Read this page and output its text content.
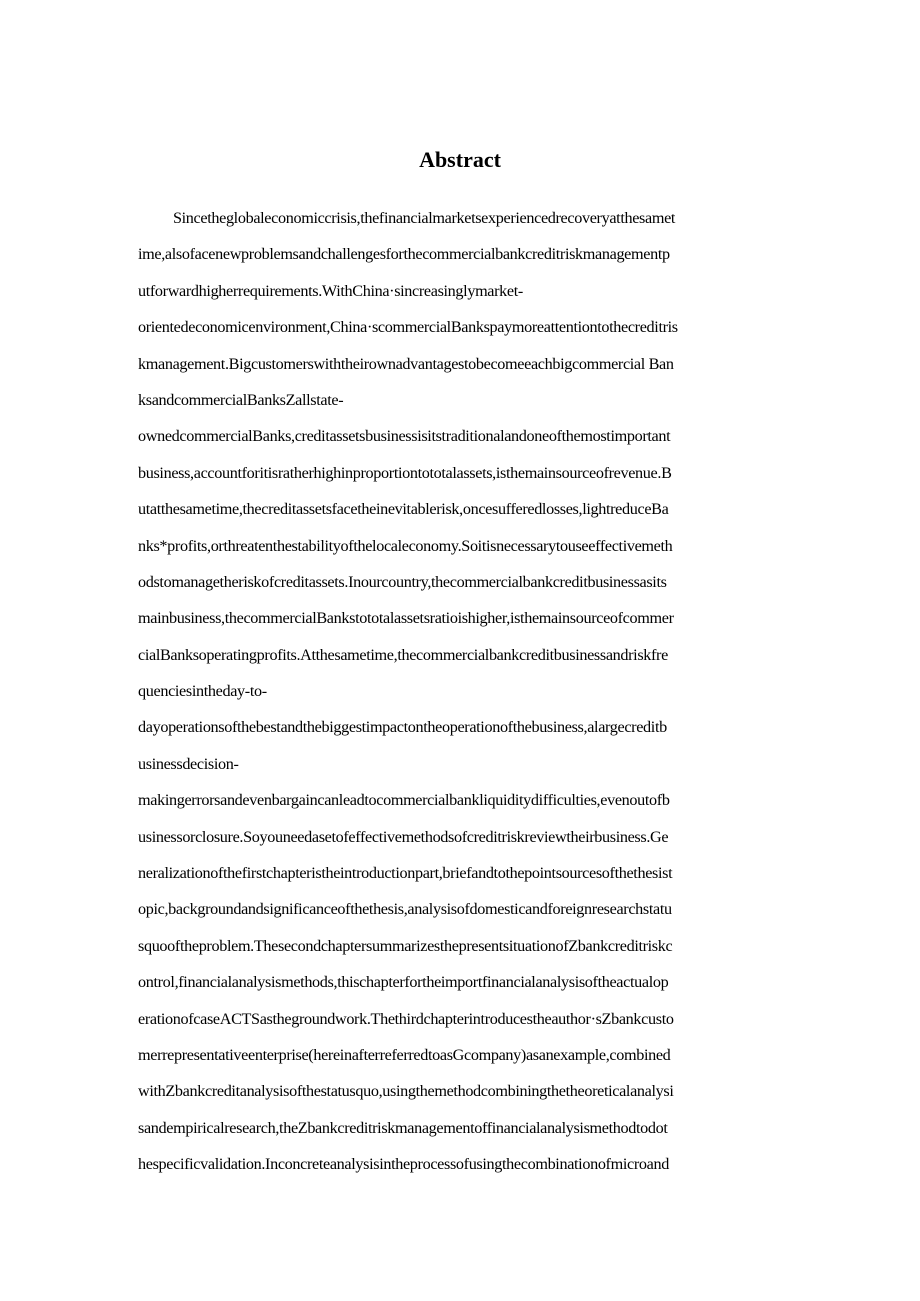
Abstract
Sincetheglobaleconomiccrisis,thefinancialmarketsexperiencedrecoveryatthesamet
ime,alsofacenewproblemsandchallengesforthecommercialbankcreditriskmanagementp
utforwardhigherrequirements.WithChina·sincreasinglymarket-
orientedeconomicenvironment,China·scommercialBankspaymoreattentiontothecreditris
kmanagement.Bigcustomerswiththeirownadvantagestobecomeeachbigcommercial Ban
ksandcommercialBanksZallstate-
ownedcommercialBanks,creditassetsbusinessisitstraditionalandoneofthemostimportant
business,accountforitisratherhighinproportiontototalassets,isthemainsourceofrevenue.B
utatthesametime,thecreditassetsfacetheinevitablerisk,oncesufferedlosses,lightreduceBa
nks*profits,orthreatenthestabilityofthelocaleconomy.Soitisnecessarytouseeffectivemeth
odstomanagetheriskofcreditassets.Inourcountry,thecommercialbankcreditbusinessasits
mainbusiness,thecommercialBankstototalassetsratioishigher,isthemainsourceofcommer
cialBanksoperatingprofits.Atthesametime,thecommercialbankcreditbusinessandriskfre
quenciesintheday-to-
dayoperationsofthebestandthebiggestimpactontheoperationofthebusiness,alargecreditb
usinessdecision-
makingerrorsandevenbargaincanleadtocommercialbankliquiditydifficulties,evenoutofb
usinessorclosure.Soyouneedasetofeffectivemethodsofcreditriskreviewtheirbusiness.Ge
neralizationofthefirstchapteristheintroductionpart,briefandtothepointsourcesofthethesist
opic,backgroundandsignificanceofthethesis,analysisofdomesticandforeignresearchstatu
squooftheproblem.ThesecondchaptersummarizesthepresentsituationofZbankcreditriskc
ontrol,financialanalysismethods,thischapterfortheimportfinancialanalysisoftheactualop
erationofcaseACTSasthegroundwork.Thethirdchapterintroducestheauthor·sZbankcusto
merrepresentativeenterprise(hereinafterreferredtoasGcompany)asanexample,combined
withZbankcreditanalysisofthestatusquo,usingthemethodcombiningthetheoreticalanalysi
sandempiricalresearch,theZbankcreditriskmanagementoffinancialanalysismethodtodot
hespecificvalidation.Inconcreteanalysisintheprocessofusingthecombinationofmicroand
